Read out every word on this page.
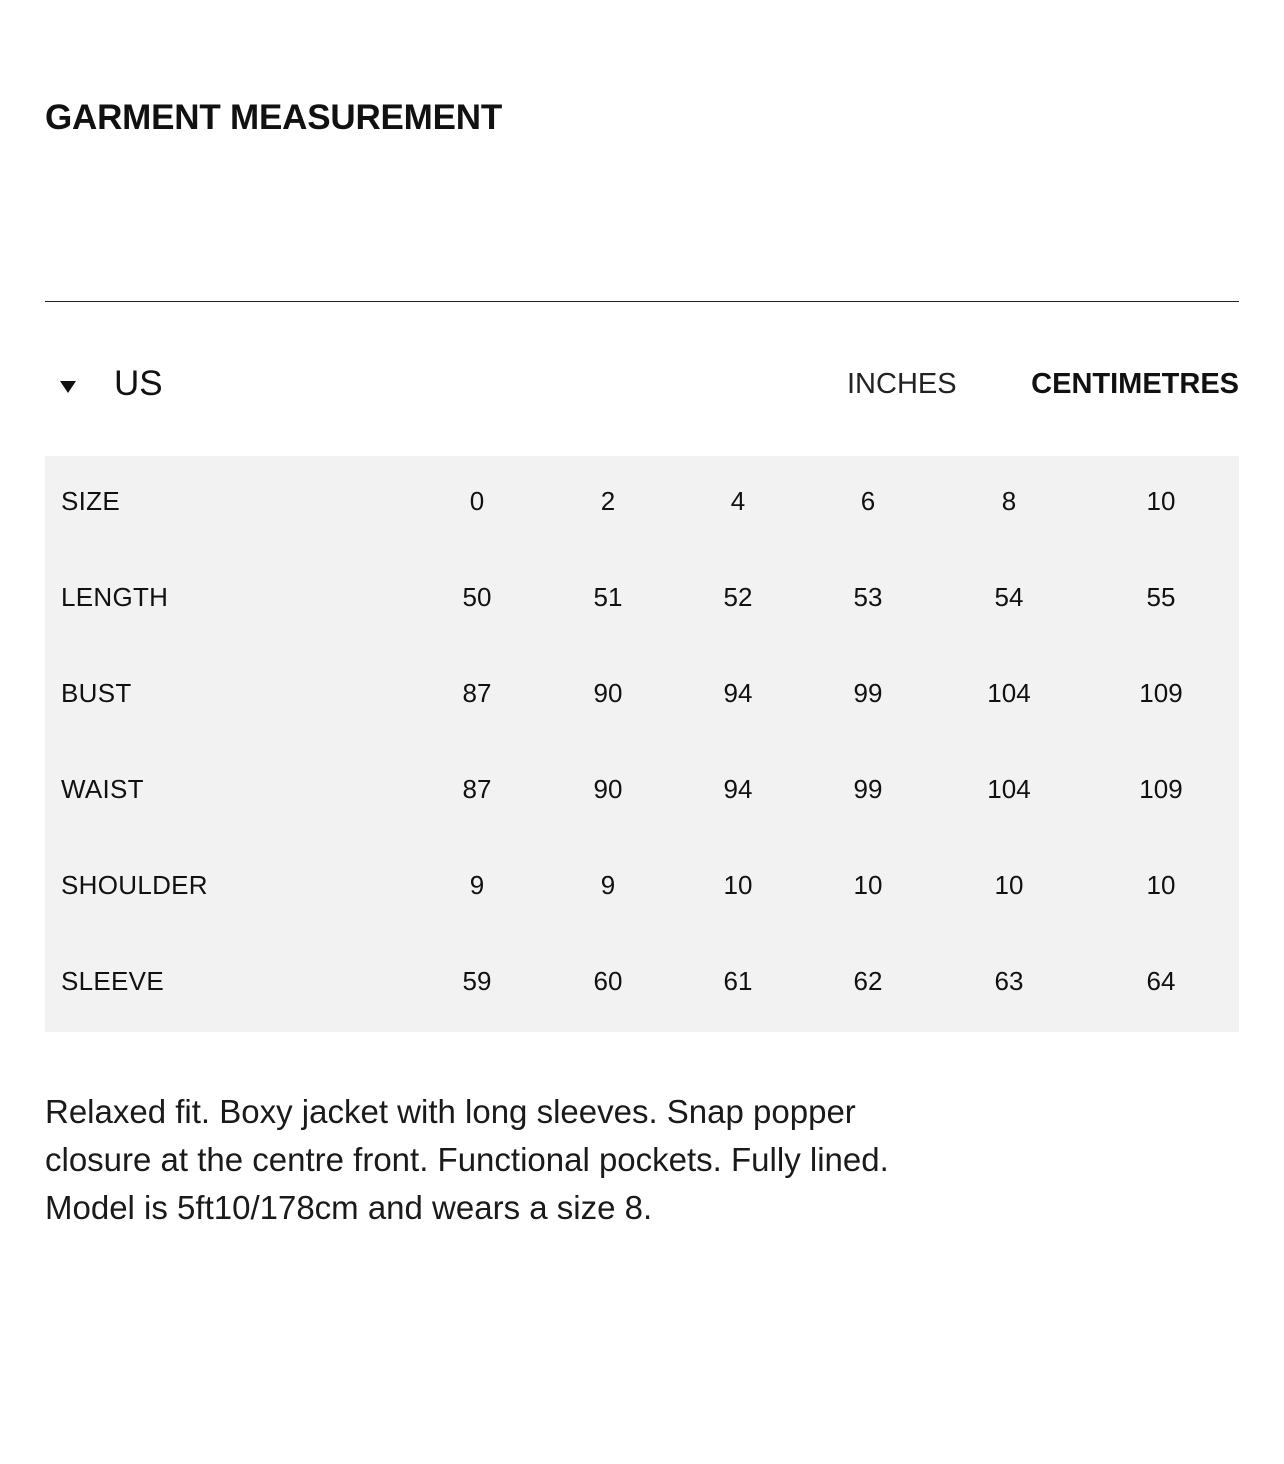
GARMENT MEASUREMENT
US	INCHES	CENTIMETRES
SIZE	0	2	4	6	8	10
LENGTH	50	51	52	53	54	55
BUST	87	90	94	99	104	109
WAIST	87	90	94	99	104	109
SHOULDER	9	9	10	10	10	10
SLEEVE	59	60	61	62	63	64

Relaxed fit. Boxy jacket with long sleeves. Snap popper
closure at the centre front. Functional pockets. Fully lined.
Model is 5ft10/178cm and wears a size 8.
